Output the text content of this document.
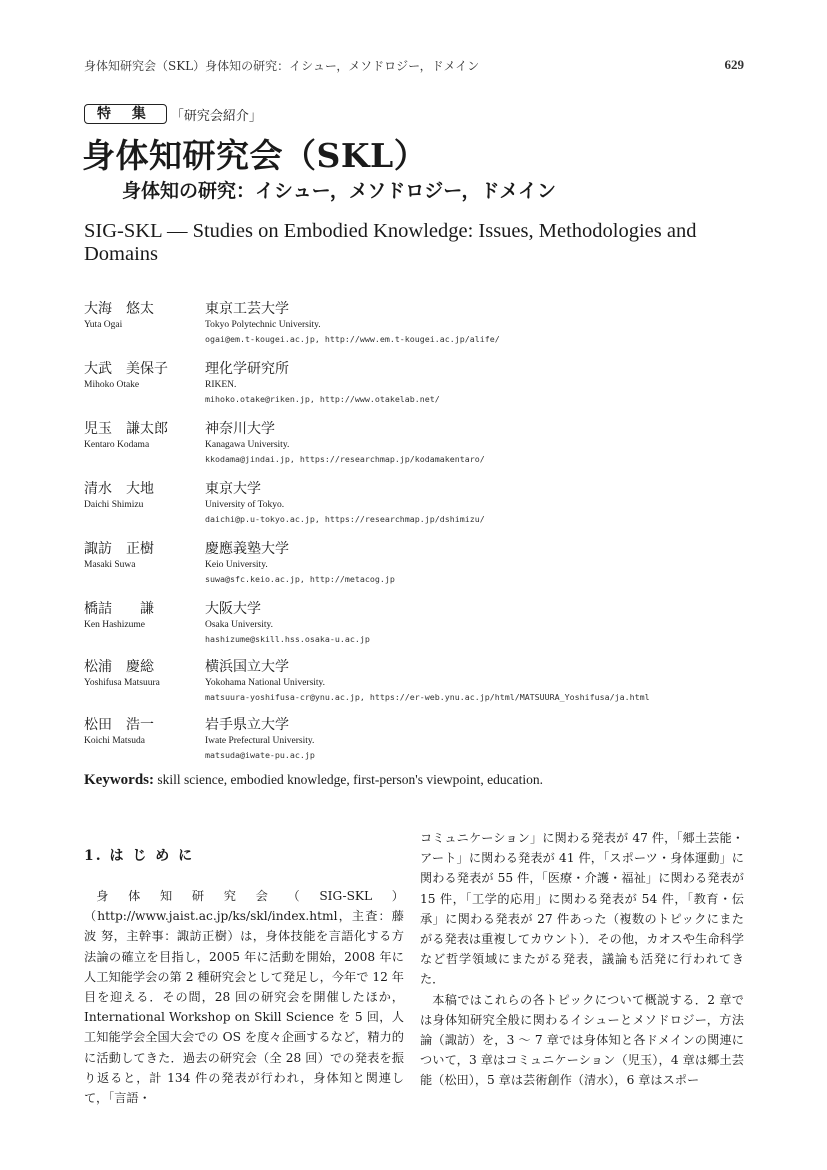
身体知研究会（SKL）身体知の研究：イシュー，メソドロジー，ドメイン	629
特 集	「研究会紹介」
身体知研究会（SKL）
身体知の研究：イシュー，メソドロジー，ドメイン

SIG-SKL — Studies on Embodied Knowledge: Issues, Methodologies and Domains

大海　悠太
Yuta Ogai
東京工芸大学
Tokyo Polytechnic University.
ogai@em.t-kougei.ac.jp, http://www.em.t-kougei.ac.jp/alife/
大武　美保子
Mihoko Otake
理化学研究所
RIKEN.
mihoko.otake@riken.jp, http://www.otakelab.net/
児玉　謙太郎
Kentaro Kodama
神奈川大学
Kanagawa University.
kkodama@jindai.jp, https://researchmap.jp/kodamakentaro/
清水　大地
Daichi Shimizu
東京大学
University of Tokyo.
daichi@p.u-tokyo.ac.jp, https://researchmap.jp/dshimizu/
諏訪　正樹
Masaki Suwa
慶應義塾大学
Keio University.
suwa@sfc.keio.ac.jp, http://metacog.jp
橋詰　　謙
Ken Hashizume
大阪大学
Osaka University.
hashizume@skill.hss.osaka-u.ac.jp
松浦　慶総
Yoshifusa Matsuura
横浜国立大学
Yokohama National University.
matsuura-yoshifusa-cr@ynu.ac.jp, https://er-web.ynu.ac.jp/html/MATSUURA_Yoshifusa/ja.html
松田　浩一
Koichi Matsuda
岩手県立大学
Iwate Prefectural University.
matsuda@iwate-pu.ac.jp
Keywords: skill science, embodied knowledge, first-person's viewpoint, education.
1. は じ め に

身体知研究会（SIG-SKL）（http://www.jaist.ac.jp/ks/skl/index.html，主査：藤波 努，主幹事：諏訪正樹）は，身体技能を言語化する方法論の確立を目指し，2005 年に活動を開始，2008 年に人工知能学会の第 2 種研究会として発足し，今年で 12 年目を迎える．その間，28 回の研究会を開催したほか，International Workshop on Skill Science を 5 回，人工知能学会全国大会での OS を度々企画するなど，精力的に活動してきた．過去の研究会（全 28 回）での発表を振り返ると，計 134 件の発表が行われ，身体知と関連して，「言語・

コミュニケーション」に関わる発表が 47 件，「郷土芸能・アート」に関わる発表が 41 件，「スポーツ・身体運動」に関わる発表が 55 件，「医療・介護・福祉」に関わる発表が 15 件，「工学的応用」に関わる発表が 54 件，「教育・伝承」に関わる発表が 27 件あった（複数のトピックにまたがる発表は重複してカウント）．その他，カオスや生命科学など哲学領域にまたがる発表，議論も活発に行われてきた．

本稿ではこれらの各トピックについて概説する．2 章では身体知研究全般に関わるイシューとメソドロジー，方法論（諏訪）を，3 〜 7 章では身体知と各ドメインの関連について，3 章はコミュニケーション（児玉），4 章は郷土芸能（松田），5 章は芸術創作（清水），6 章はスポー
